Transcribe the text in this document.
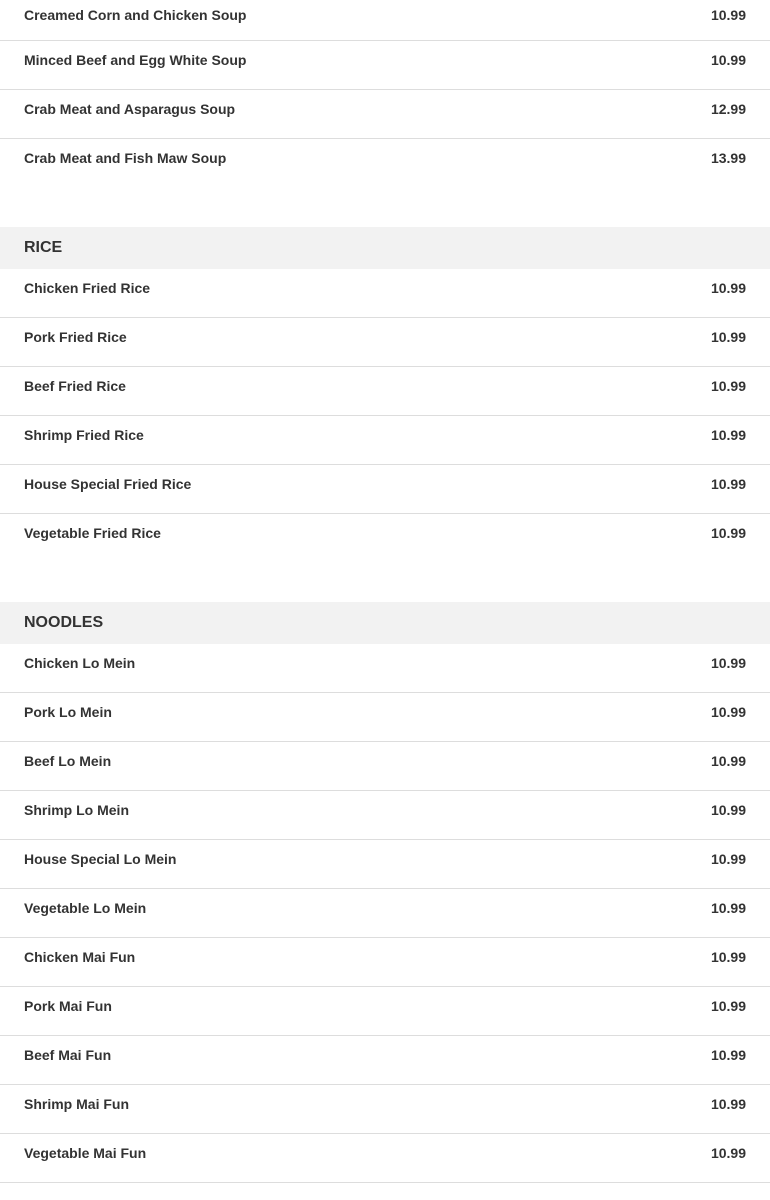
Creamed Corn and Chicken Soup	10.99
Minced Beef and Egg White Soup	10.99
Crab Meat and Asparagus Soup	12.99
Crab Meat and Fish Maw Soup	13.99
RICE
Chicken Fried Rice	10.99
Pork Fried Rice	10.99
Beef Fried Rice	10.99
Shrimp Fried Rice	10.99
House Special Fried Rice	10.99
Vegetable Fried Rice	10.99
NOODLES
Chicken Lo Mein	10.99
Pork Lo Mein	10.99
Beef Lo Mein	10.99
Shrimp Lo Mein	10.99
House Special Lo Mein	10.99
Vegetable Lo Mein	10.99
Chicken Mai Fun	10.99
Pork Mai Fun	10.99
Beef Mai Fun	10.99
Shrimp Mai Fun	10.99
Vegetable Mai Fun	10.99
